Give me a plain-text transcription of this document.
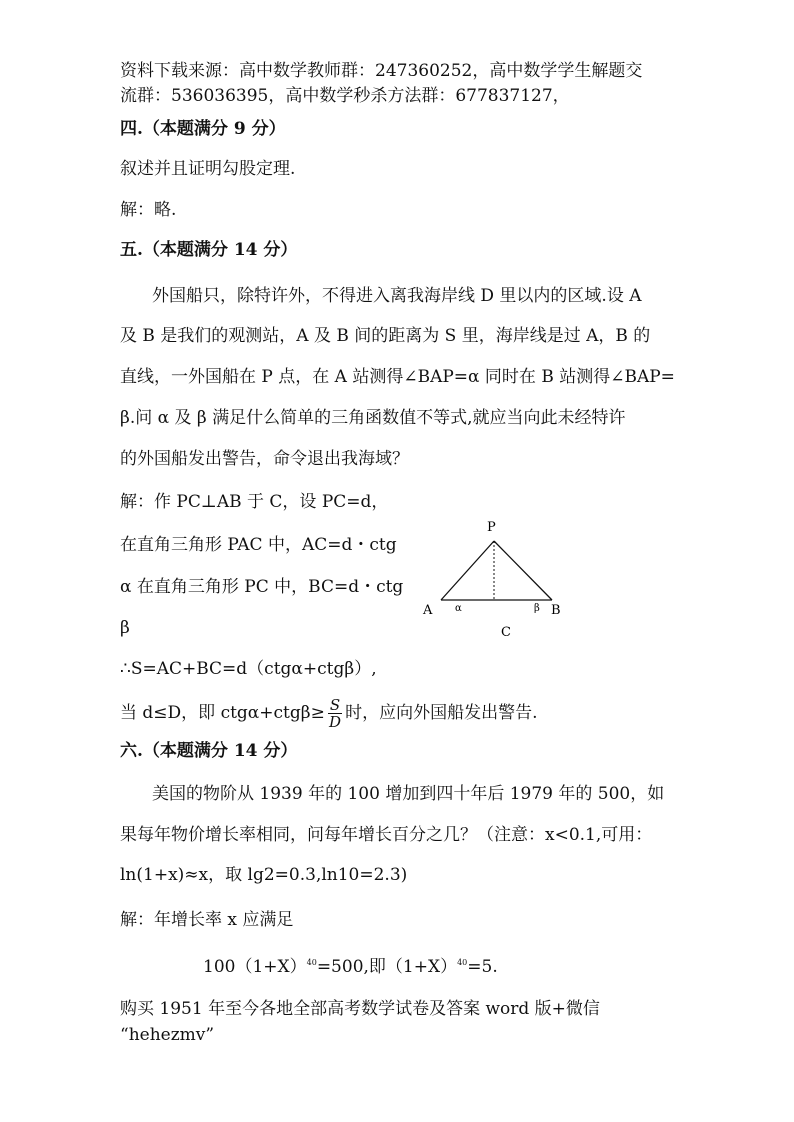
资料下载来源：高中数学教师群：247360252，高中数学学生解题交
流群：536036395，高中数学秒杀方法群：677837127，
四.（本题满分 9 分）
叙述并且证明勾股定理.
解：略.
五.（本题满分 14 分）
外国船只，除特许外，不得进入离我海岸线 D 里以内的区域.设 A
及 B 是我们的观测站，A 及 B 间的距离为 S 里，海岸线是过 A，B 的
直线，一外国船在 P 点，在 A 站测得∠BAP=α 同时在 B 站测得∠BAP=
β.问 α 及 β 满足什么简单的三角函数值不等式,就应当向此未经特许
的外国船发出警告，命令退出我海域？
解：作 PC⊥AB 于 C，设 PC=d，
在直角三角形 PAC 中，AC=d・ctg
α 在直角三角形 PC 中，BC=d・ctg
β
P
A	B
C
α	β
∴S=AC+BC=d（ctgα+ctgβ）,
当 d≤D，即 $ctg\alpha+ctg\beta\ge \frac{S}{D}$ 时，应向外国船发出警告.
六.（本题满分 14 分）
美国的物阶从 1939 年的 100 增加到四十年后 1979 年的 500，如
果每年物价增长率相同，问每年增长百分之几？（注意：x<0.1,可用：
ln(1+x)≈x，取 lg2=0.3,ln10=2.3)
解：年增长率 x 应满足
$100(1+X)^{40}=500$,即$(1+X)^{40}=5$.
购买 1951 年至今各地全部高考数学试卷及答案 word 版+微信
“hehezmv”
